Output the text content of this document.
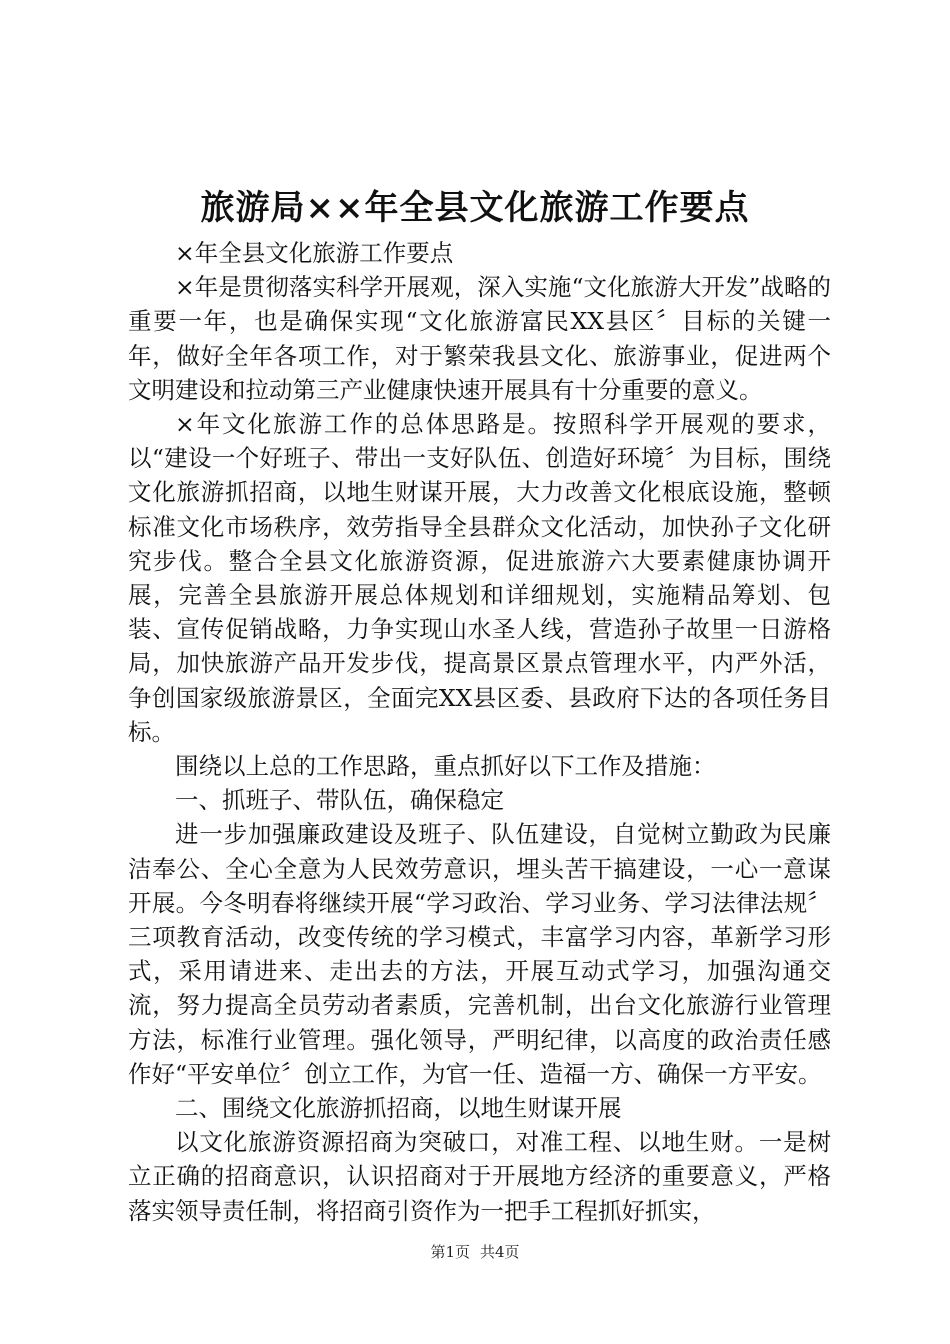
旅游局××年全县文化旅游工作要点

×年全县文化旅游工作要点

×年是贯彻落实科学开展观，深入实施“文化旅游大开发”战略的重要一年，也是确保实现“文化旅游富民XX县区〞目标的关键一年，做好全年各项工作，对于繁荣我县文化、旅游事业，促进两个文明建设和拉动第三产业健康快速开展具有十分重要的意义。

×年文化旅游工作的总体思路是。按照科学开展观的要求，以“建设一个好班子、带出一支好队伍、创造好环境〞为目标，围绕文化旅游抓招商，以地生财谋开展，大力改善文化根底设施，整顿标准文化市场秩序，效劳指导全县群众文化活动，加快孙子文化研究步伐。整合全县文化旅游资源，促进旅游六大要素健康协调开展，完善全县旅游开展总体规划和详细规划，实施精品筹划、包装、宣传促销战略，力争实现山水圣人线，营造孙子故里一日游格局，加快旅游产品开发步伐，提高景区景点管理水平，内严外活，争创国家级旅游景区，全面完XX县区委、县政府下达的各项任务目标。

围绕以上总的工作思路，重点抓好以下工作及措施：

一、抓班子、带队伍，确保稳定

进一步加强廉政建设及班子、队伍建设，自觉树立勤政为民廉洁奉公、全心全意为人民效劳意识，埋头苦干搞建设，一心一意谋开展。今冬明春将继续开展“学习政治、学习业务、学习法律法规〞三项教育活动，改变传统的学习模式，丰富学习内容，革新学习形式，采用请进来、走出去的方法，开展互动式学习，加强沟通交流，努力提高全员劳动者素质，完善机制，出台文化旅游行业管理方法，标准行业管理。强化领导，严明纪律，以高度的政治责任感作好“平安单位〞创立工作，为官一任、造福一方、确保一方平安。

二、围绕文化旅游抓招商，以地生财谋开展

以文化旅游资源招商为突破口，对准工程、以地生财。一是树立正确的招商意识，认识招商对于开展地方经济的重要意义，严格落实领导责任制，将招商引资作为一把手工程抓好抓实，

第1页 共4页
